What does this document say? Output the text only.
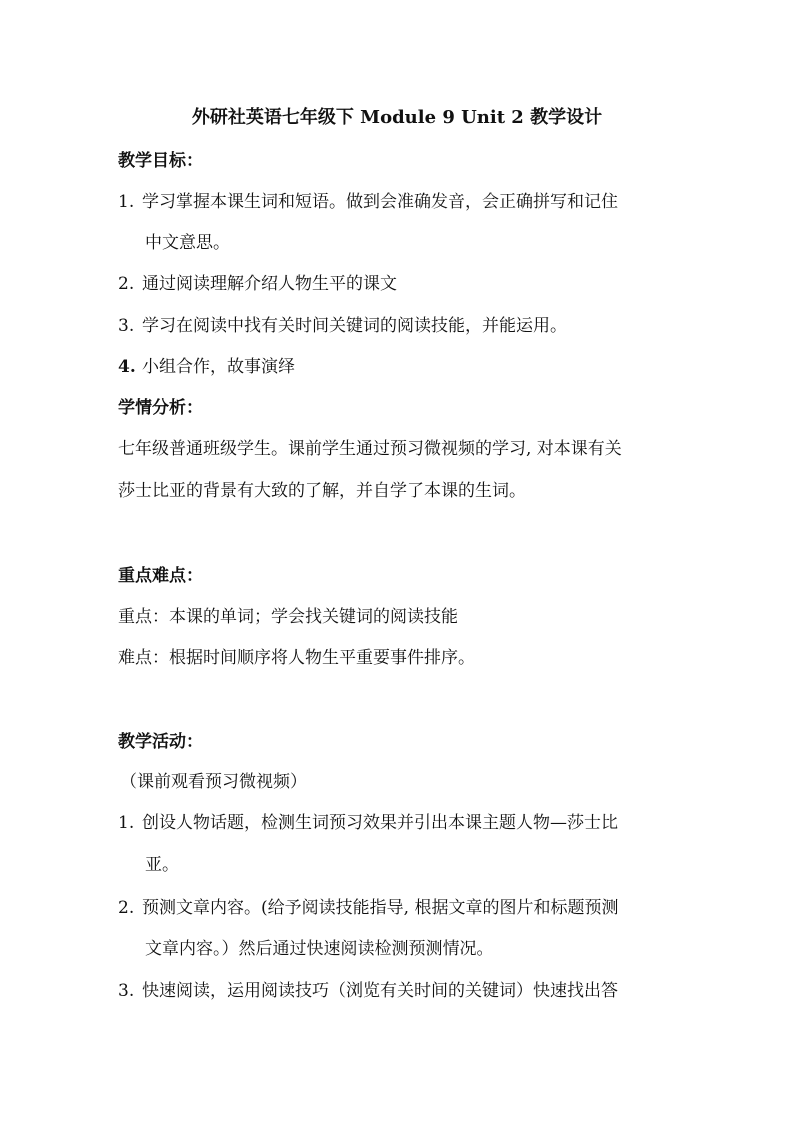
外研社英语七年级下 Module 9 Unit 2 教学设计

教学目标：

1. 学习掌握本课生词和短语。做到会准确发音，会正确拼写和记住

中文意思。

2. 通过阅读理解介绍人物生平的课文

3. 学习在阅读中找有关时间关键词的阅读技能，并能运用。

4. 小组合作，故事演绎

学情分析：

七年级普通班级学生。课前学生通过预习微视频的学习, 对本课有关

莎士比亚的背景有大致的了解，并自学了本课的生词。

重点难点：

重点：本课的单词；学会找关键词的阅读技能

难点：根据时间顺序将人物生平重要事件排序。

教学活动：

（课前观看预习微视频）

1. 创设人物话题，检测生词预习效果并引出本课主题人物—莎士比

亚。

2. 预测文章内容。(给予阅读技能指导, 根据文章的图片和标题预测

文章内容。）然后通过快速阅读检测预测情况。

3. 快速阅读，运用阅读技巧（浏览有关时间的关键词）快速找出答
